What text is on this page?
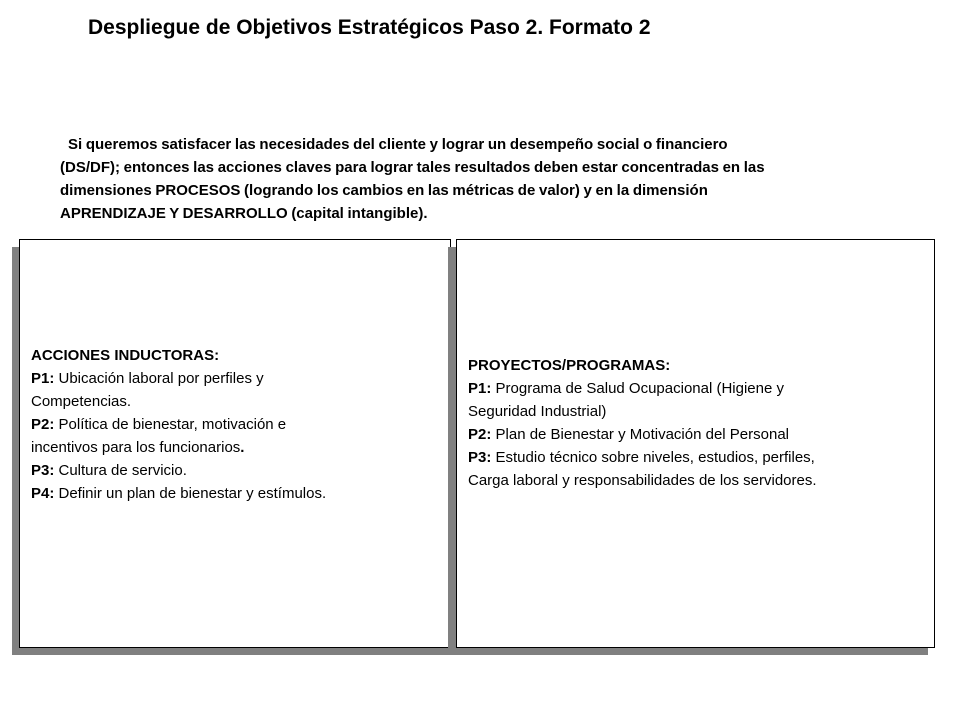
Despliegue de Objetivos Estratégicos Paso 2. Formato 2
Si queremos satisfacer las necesidades del cliente y lograr un desempeño social o financiero
(DS/DF); entonces las acciones claves para lograr tales resultados deben estar concentradas en las
dimensiones PROCESOS (logrando los cambios en las métricas de valor) y en la dimensión
APRENDIZAJE Y DESARROLLO (capital intangible).
ACCIONES INDUCTORAS:
P1: Ubicación laboral por perfiles y
Competencias.
P2: Política de bienestar, motivación e
incentivos para los funcionarios.
P3: Cultura de servicio.
P4: Definir un plan de bienestar y estímulos.
PROYECTOS/PROGRAMAS:
P1: Programa de Salud Ocupacional (Higiene y
Seguridad Industrial)
P2: Plan de Bienestar y Motivación del Personal
P3: Estudio técnico sobre niveles, estudios, perfiles,
Carga laboral y responsabilidades de los servidores.
